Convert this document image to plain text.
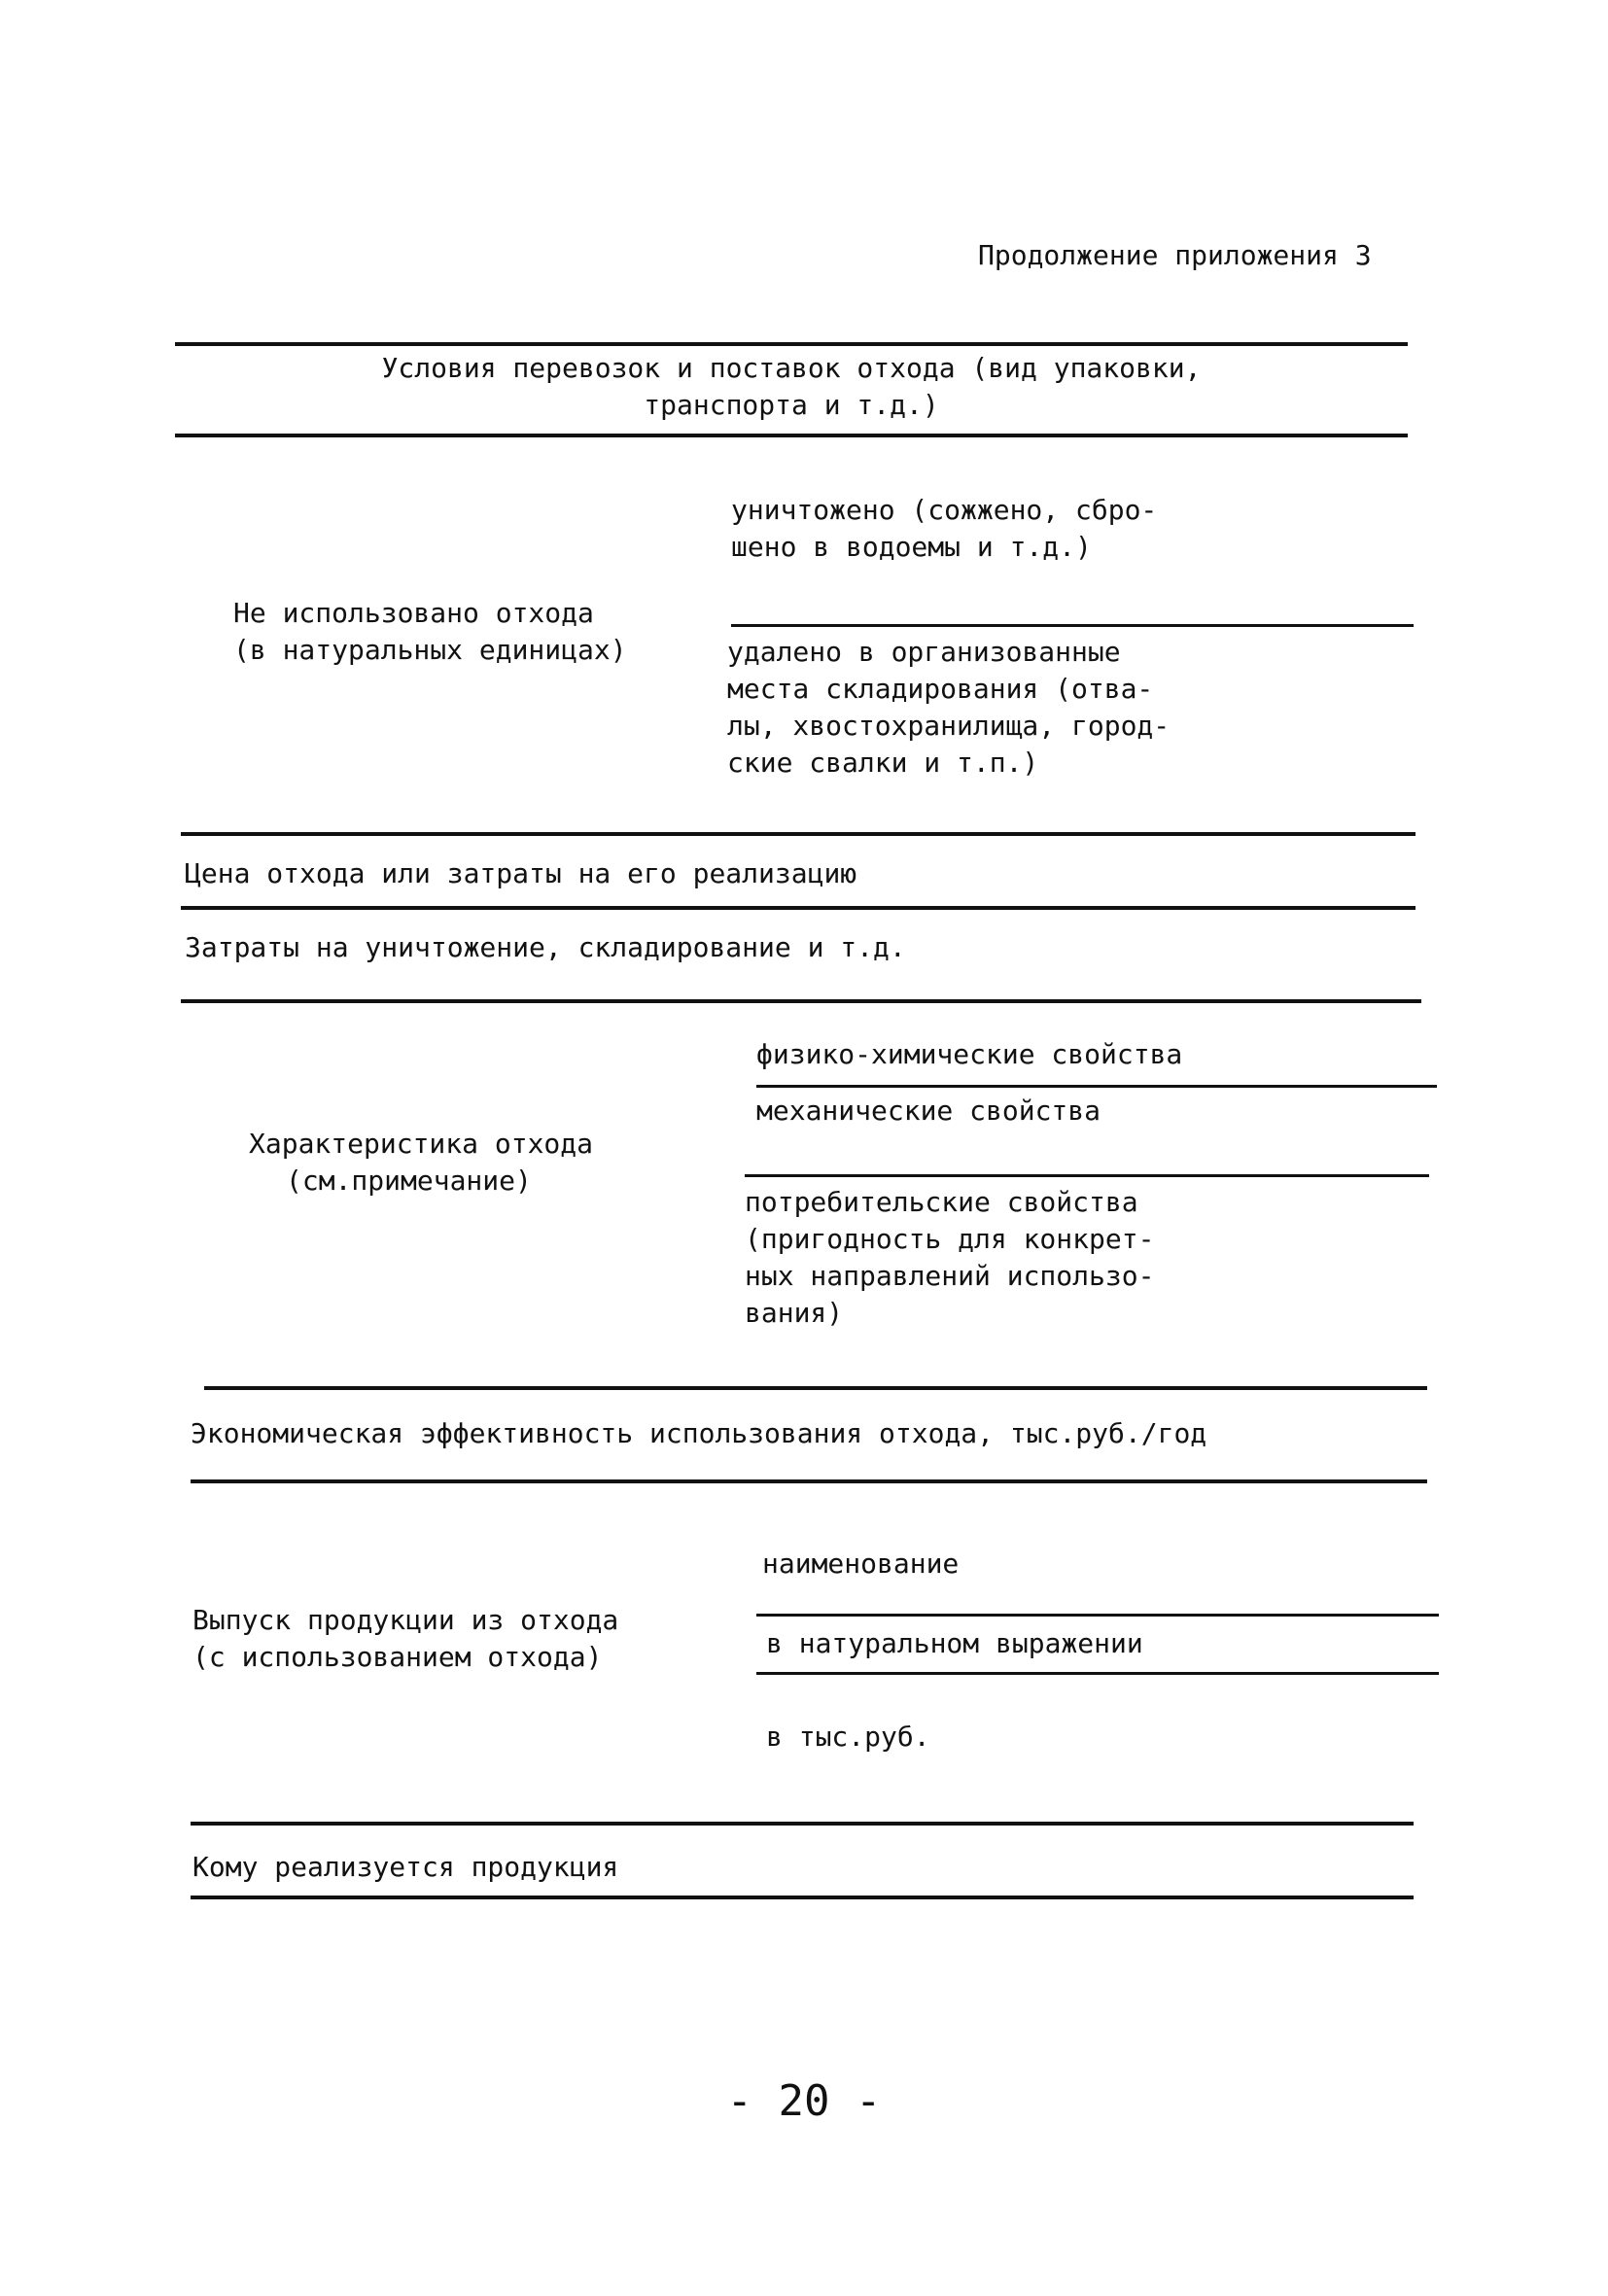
Продолжение приложения 3
Условия перевозок и поставок отхода (вид упаковки,
транспорта и т.д.)
уничтожено (сожжено, сбро-
шено в водоемы и т.д.)
Не использовано отхода
(в натуральных единицах)	удалено в организованные
места складирования (отва-
лы, хвостохранилища, город-
ские свалки и т.п.)
Цена отхода или затраты на его реализацию
Затраты на уничтожение, складирование и т.д.
физико-химические свойства
механические свойства
Характеристика отхода
(см.примечание)
потребительские свойства
(пригодность для конкрет-
ных направлений использо-
вания)
Экономическая эффективность использования отхода, тыс.руб./год
наименование
Выпуск продукции из отхода
(с использованием отхода)	в натуральном выражении
в тыс.руб.
Кому реализуется продукция
- 20 -
